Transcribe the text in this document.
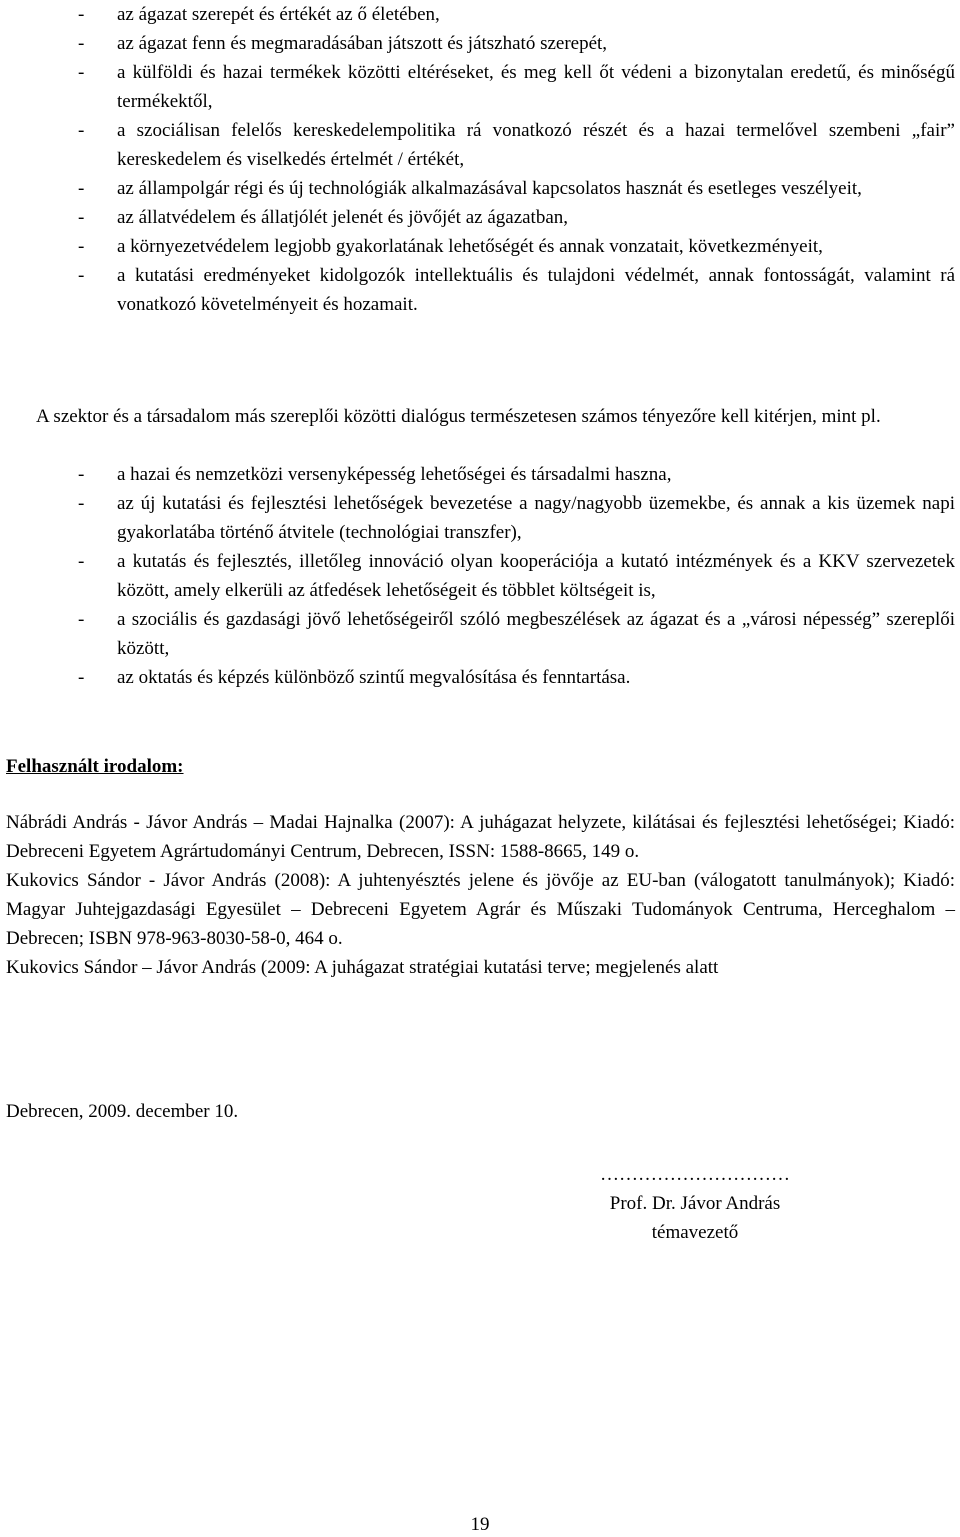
- az ágazat szerepét és értékét az ő életében,
- az ágazat fenn és megmaradásában játszott és játszható szerepét,
- a külföldi és hazai termékek közötti eltéréseket, és meg kell őt védeni a bizonytalan eredetű, és minőségű termékektől,
- a szociálisan felelős kereskedelempolitika rá vonatkozó részét és a hazai termelővel szembeni „fair” kereskedelem és viselkedés értelmét / értékét,
- az állampolgár régi és új technológiák alkalmazásával kapcsolatos hasznát és esetleges veszélyeit,
- az állatvédelem és állatjólét jelenét és jövőjét az ágazatban,
- a környezetvédelem legjobb gyakorlatának lehetőségét és annak vonzatait, következményeit,
- a kutatási eredményeket kidolgozók intellektuális és tulajdoni védelmét, annak fontosságát, valamint rá vonatkozó követelményeit és hozamait.

A szektor és a társadalom más szereplői közötti dialógus természetesen számos tényezőre kell kitérjen, mint pl.

- a hazai és nemzetközi versenyképesség lehetőségei és társadalmi haszna,
- az új kutatási és fejlesztési lehetőségek bevezetése a nagy/nagyobb üzemekbe, és annak a kis üzemek napi gyakorlatába történő átvitele (technológiai transzfer),
- a kutatás és fejlesztés, illetőleg innováció olyan kooperációja a kutató intézmények és a KKV szervezetek között, amely elkerüli az átfedések lehetőségeit és többlet költségeit is,
- a szociális és gazdasági jövő lehetőségeiről szóló megbeszélések az ágazat és a „városi népesség” szereplői között,
- az oktatás és képzés különböző szintű megvalósítása és fenntartása.

Felhasznált irodalom:

Nábrádi András - Jávor András – Madai Hajnalka (2007): A juhágazat helyzete, kilátásai és fejlesztési lehetőségei; Kiadó: Debreceni Egyetem Agrártudományi Centrum, Debrecen, ISSN: 1588-8665, 149 o.

Kukovics Sándor - Jávor András (2008): A juhtenyésztés jelene és jövője az EU-ban (válogatott tanulmányok); Kiadó: Magyar Juhtejgazdasági Egyesület – Debreceni Egyetem Agrár és Műszaki Tudományok Centruma, Herceghalom – Debrecen; ISBN 978-963-8030-58-0, 464 o.

Kukovics Sándor – Jávor András (2009: A juhágazat stratégiai kutatási terve; megjelenés alatt

Debrecen, 2009. december 10.

…………………………

Prof. Dr. Jávor András

témavezető

19
